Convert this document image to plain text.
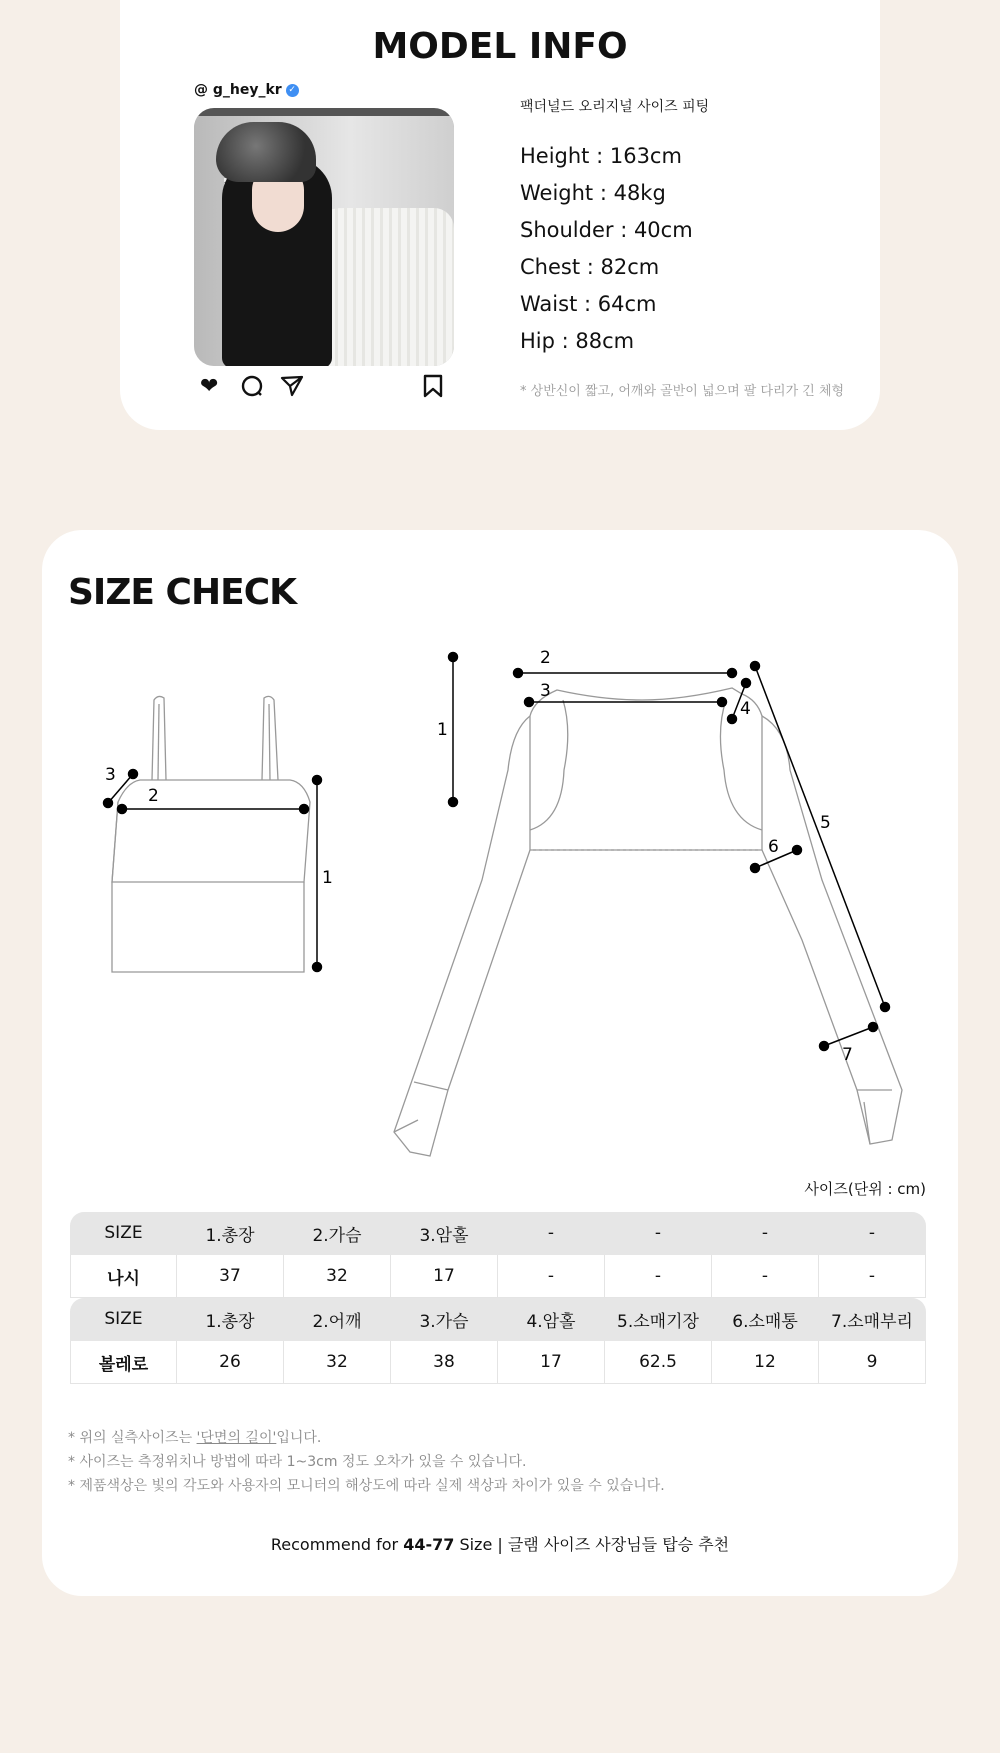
MODEL INFO
@ g_hey_kr ✓
❤
팩더널드 오리지널 사이즈 피팅
Height : 163cm
Weight : 48kg
Shoulder : 40cm
Chest : 82cm
Waist : 64cm
Hip : 88cm
* 상반신이 짧고, 어깨와 골반이 넓으며 팔 다리가 긴 체형
SIZE CHECK
2
3
1
1
2
3
4
5
6
7
사이즈(단위 : cm)
SIZE	1.총장	2.가슴	3.암홀	-	-	-	-
나시	37	32	17	-	-	-	-
SIZE	1.총장	2.어깨	3.가슴	4.암홀	5.소매기장	6.소매통	7.소매부리
볼레로	26	32	38	17	62.5	12	9
* 위의 실측사이즈는 '단면의 길이'입니다.
* 사이즈는 측정위치나 방법에 따라 1~3cm 정도 오차가 있을 수 있습니다.
* 제품색상은 빛의 각도와 사용자의 모니터의 해상도에 따라 실제 색상과 차이가 있을 수 있습니다.
Recommend for 44-77 Size | 글램 사이즈 사장님들 탑승 추천
